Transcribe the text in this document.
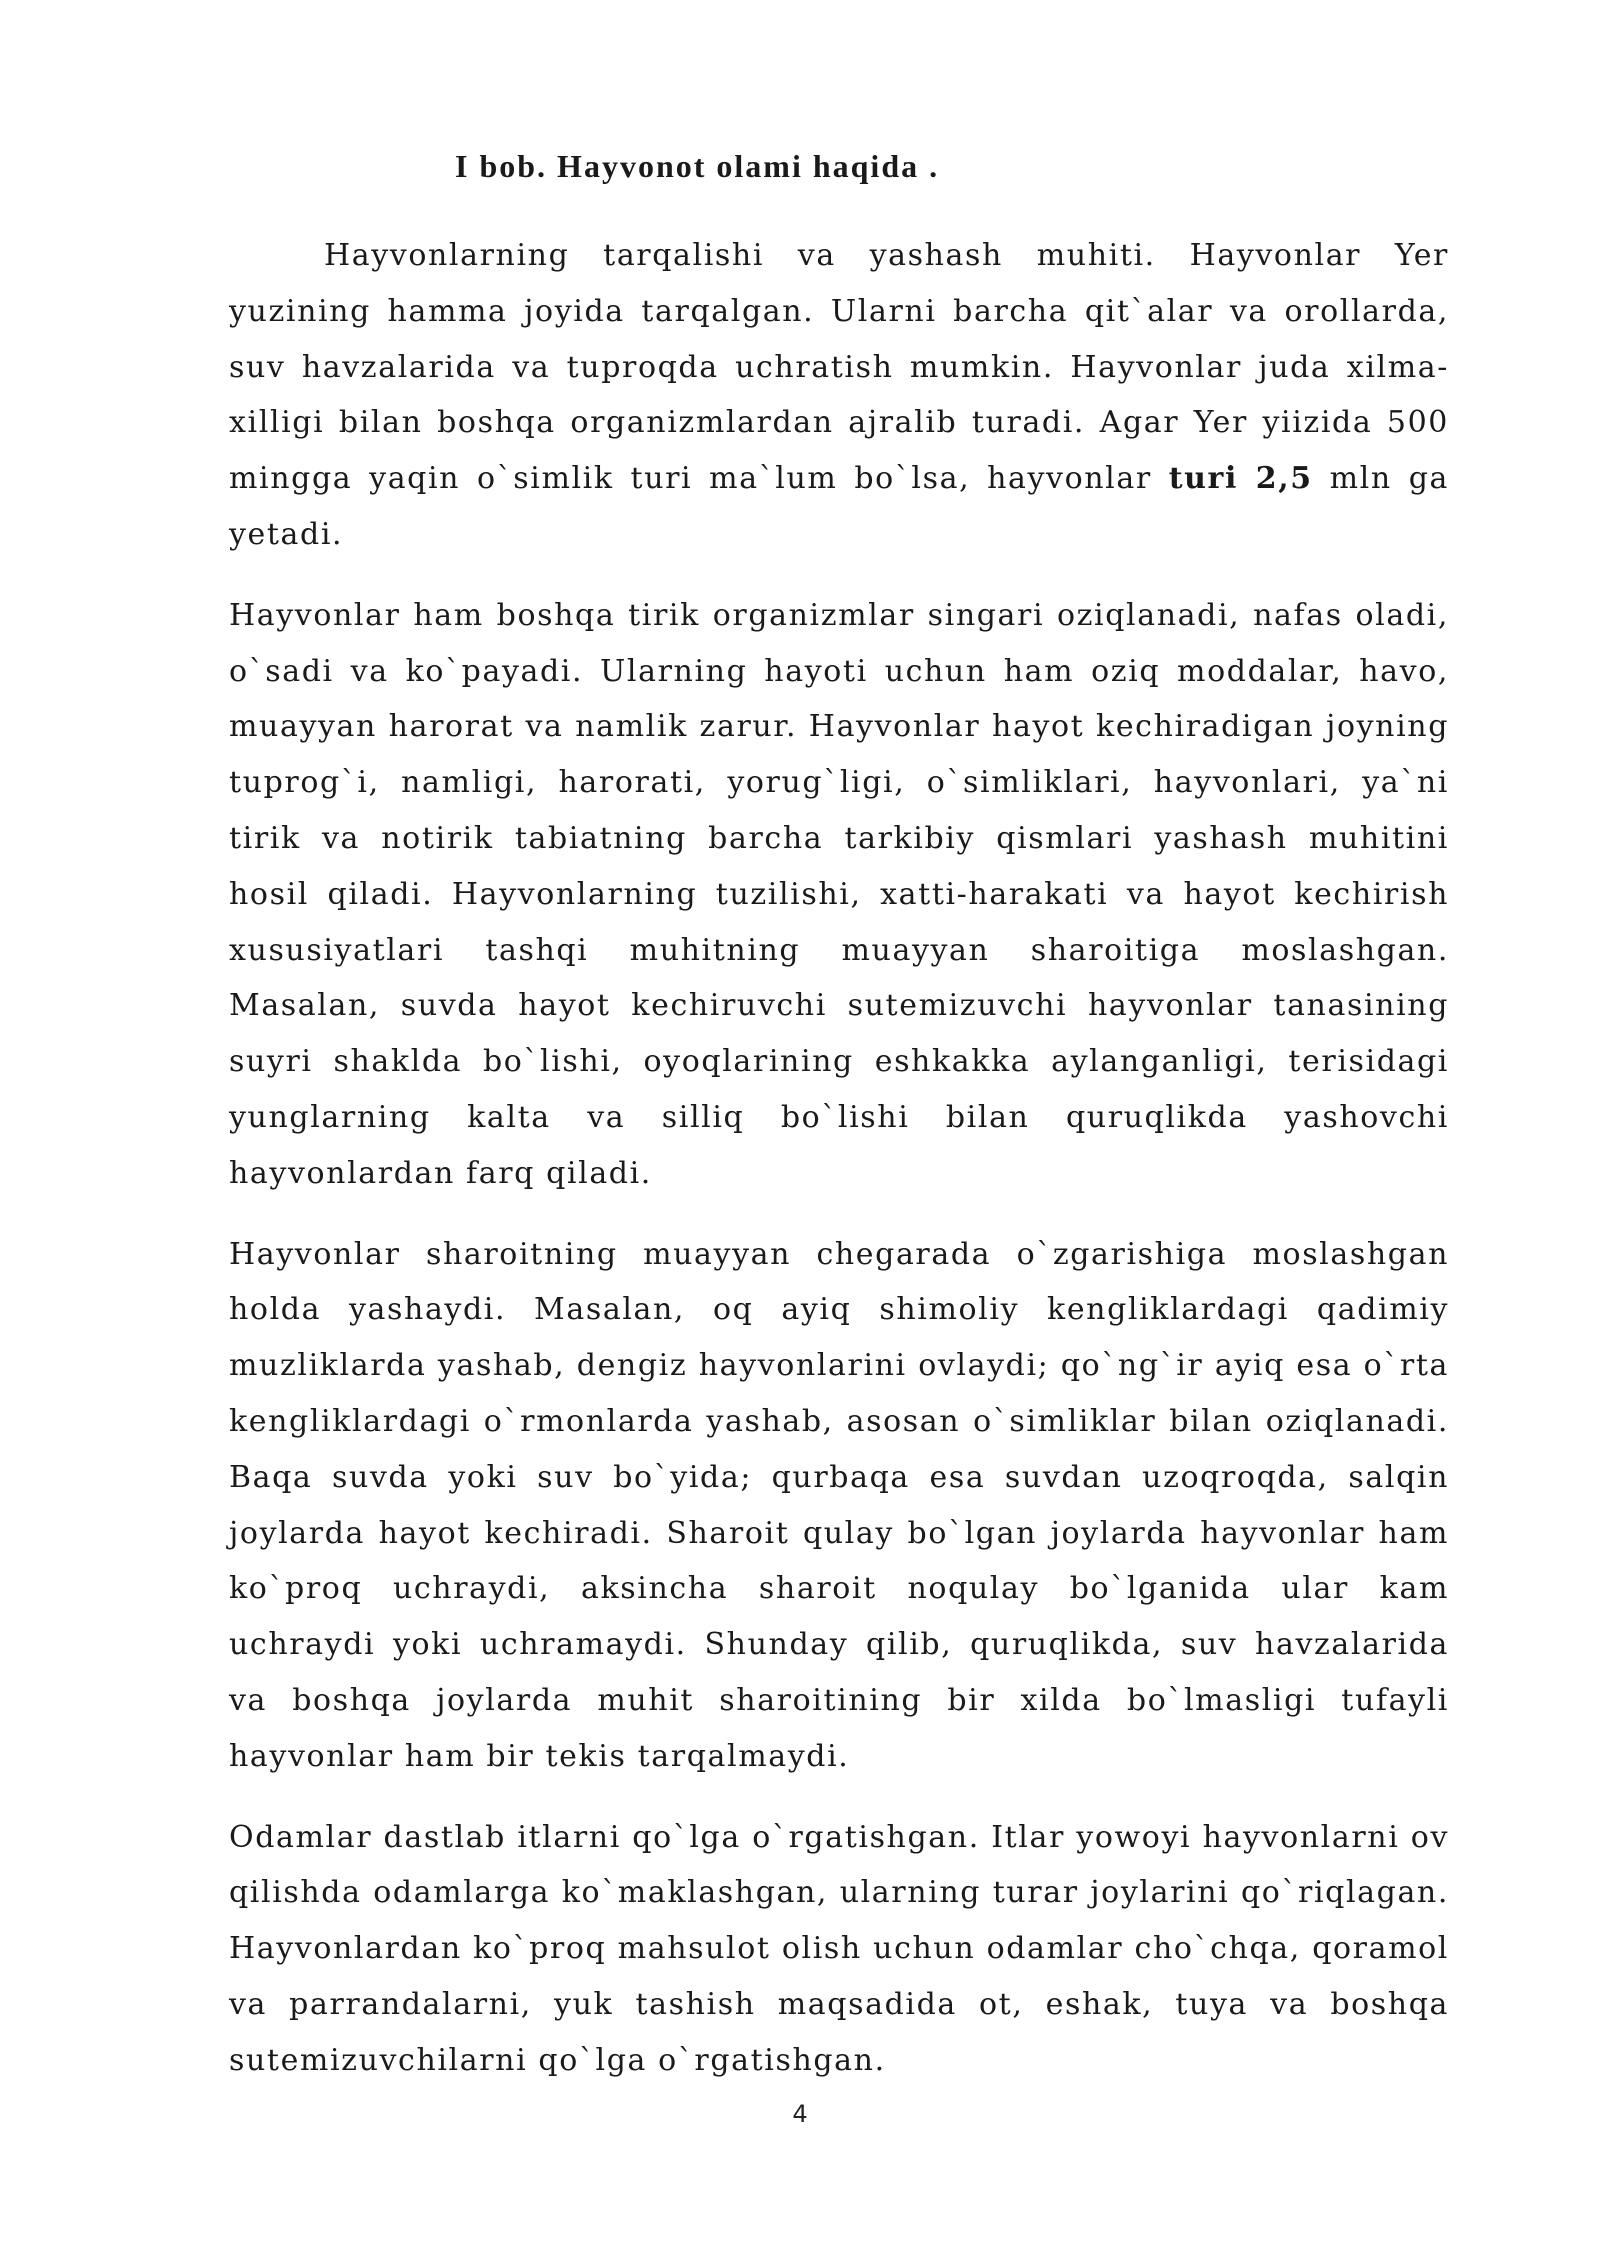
I bob. Hayvonot olami haqida .

Hayvonlarning tarqalishi va yashash muhiti. Hayvonlar Yer yuzining hamma joyida tarqalgan. Ularni barcha qit`alar va orollarda, suv havzalarida va tuproqda uchratish mumkin. Hayvonlar juda xilma-xilligi bilan boshqa organizmlardan ajralib turadi. Agar Yer yiizida 500 mingga yaqin o`simlik turi ma`lum bo`lsa, hayvonlar turi 2,5 mln ga yetadi.

Hayvonlar ham boshqa tirik organizmlar singari oziqlanadi, nafas oladi, o`sadi va ko`payadi. Ularning hayoti uchun ham oziq moddalar, havo, muayyan harorat va namlik zarur. Hayvonlar hayot kechiradigan joyning tuprog`i, namligi, harorati, yorug`ligi, o`simliklari, hayvonlari, ya`ni tirik va notirik tabiatning barcha tarkibiy qismlari yashash muhitini hosil qiladi. Hayvonlarning tuzilishi, xatti-harakati va hayot kechirish xususiyatlari tashqi muhitning muayyan sharoitiga moslashgan. Masalan, suvda hayot kechiruvchi sutemizuvchi hayvonlar tanasining suyri shaklda bo`lishi, oyoqlarining eshkakka aylanganligi, terisidagi yunglarning kalta va silliq bo`lishi bilan quruqlikda yashovchi hayvonlardan farq qiladi.

Hayvonlar sharoitning muayyan chegarada o`zgarishiga moslashgan holda yashaydi. Masalan, oq ayiq shimoliy kengliklardagi qadimiy muzliklarda yashab, dengiz hayvonlarini ovlaydi; qo`ng`ir ayiq esa o`rta kengliklardagi o`rmonlarda yashab, asosan o`simliklar bilan oziqlanadi. Baqa suvda yoki suv bo`yida; qurbaqa esa suvdan uzoqroqda, salqin joylarda hayot kechiradi. Sharoit qulay bo`lgan joylarda hayvonlar ham ko`proq uchraydi, aksincha sharoit noqulay bo`lganida ular kam uchraydi yoki uchramaydi. Shunday qilib, quruqlikda, suv havzalarida va boshqa joylarda muhit sharoitining bir xilda bo`lmasligi tufayli hayvonlar ham bir tekis tarqalmaydi.

Odamlar dastlab itlarni qo`lga o`rgatishgan. Itlar yowoyi hayvonlarni ov qilishda odamlarga ko`maklashgan, ularning turar joylarini qo`riqlagan. Hayvonlardan ko`proq mahsulot olish uchun odamlar cho`chqa, qoramol va parrandalarni, yuk tashish maqsadida ot, eshak, tuya va boshqa sutemizuvchilarni qo`lga o`rgatishgan.

4
